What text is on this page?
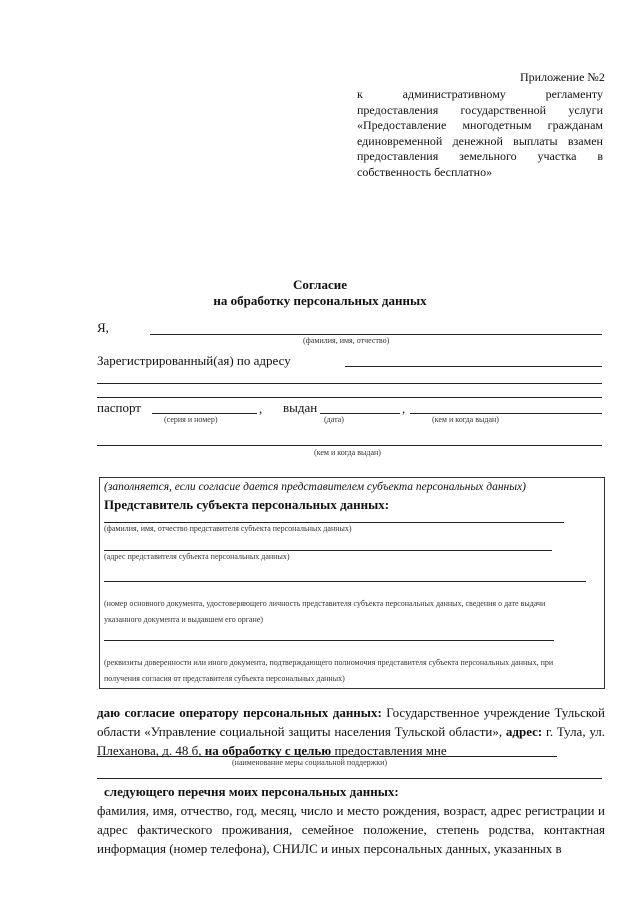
Приложение №2
к	административному	регламенту
предоставления государственной услуги
«Предоставление многодетным гражданам
единовременной денежной выплаты взамен
предоставления земельного участка в
собственность бесплатно»
Согласие
на обработку персональных данных
Я,
(фамилия, имя, отчество)
Зарегистрированный(ая) по адресу
паспорт	, выдан	,
(серия и номер)	(дата)	(кем и когда выдан)
(кем и когда выдан)
(заполняется, если согласие дается представителем субъекта персональных данных)
Представитель субъекта персональных данных:
(фамилия, имя, отчество представителя субъекта персональных данных)
(адрес представителя субъекта персональных данных)
(номер основного документа, удостоверяющего личность представителя субъекта персональных данных, сведения о дате выдачи
указанного документа и выдавшем его органе)
(реквизиты доверенности или иного документа, подтверждающего полномочия представителя субъекта персональных данных, при
получения согласия от представителя субъекта персональных данных)
даю согласие оператору персональных данных: Государственное учреждение Тульской области «Управление социальной защиты населения Тульской области», адрес: г. Тула, ул. Плеханова, д. 48 б, на обработку с целью предоставления мне
(наименование меры социальной поддержки)
следующего перечня моих персональных данных:
фамилия, имя, отчество, год, месяц, число и место рождения, возраст, адрес регистрации и адрес фактического проживания, семейное положение, степень родства, контактная информация (номер телефона), СНИЛС и иных персональных данных, указанных в
